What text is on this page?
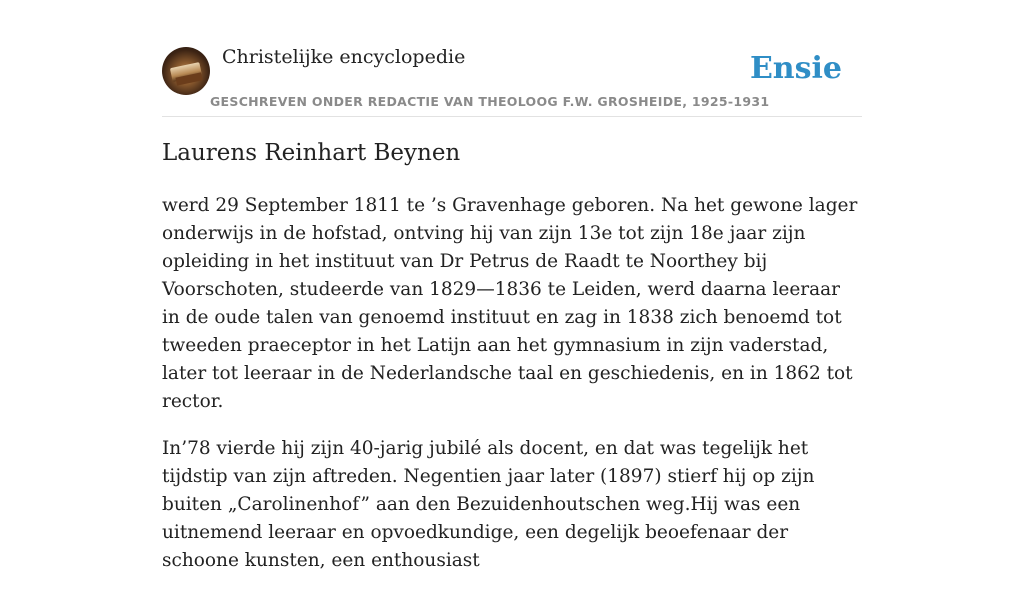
Christelijke encyclopedie
GESCHREVEN ONDER REDACTIE VAN THEOLOOG F.W. GROSHEIDE, 1925-1931
Ensie
Laurens Reinhart Beynen

werd 29 September 1811 te ’s Gravenhage geboren. Na het gewone lager onderwijs in de hofstad, ontving hij van zijn 13e tot zijn 18e jaar zijn opleiding in het instituut van Dr Petrus de Raadt te Noorthey bij Voorschoten, studeerde van 1829—1836 te Leiden, werd daarna leeraar in de oude talen van genoemd instituut en zag in 1838 zich benoemd tot tweeden praeceptor in het Latijn aan het gymnasium in zijn vaderstad, later tot leeraar in de Nederlandsche taal en geschiedenis, en in 1862 tot rector.

In’78 vierde hij zijn 40-jarig jubilé als docent, en dat was tegelijk het tijdstip van zijn aftreden. Negentien jaar later (1897) stierf hij op zijn buiten „Carolinenhof” aan den Bezuidenhoutschen weg.Hij was een uitnemend leeraar en opvoedkundige, een degelijk beoefenaar der schoone kunsten, een enthousiast
